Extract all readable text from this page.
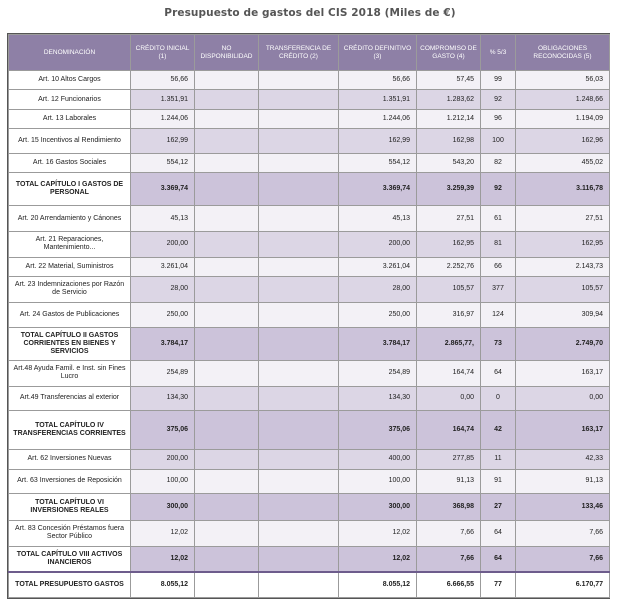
Presupuesto de gastos del CIS 2018 (Miles de €)
DENOMINACIÓN	CRÉDITO INICIAL (1)	NO DISPONIBILIDAD	TRANSFERENCIA DE CRÉDITO (2)	CRÉDITO DEFINITIVO (3)	COMPROMISO DE GASTO (4)	% 5/3	OBLIGACIONES RECONOCIDAS (5)
Art. 10 Altos Cargos	56,66			56,66	57,45	99	56,03
Art. 12 Funcionarios	1.351,91			1.351,91	1.283,62	92	1.248,66
Art. 13 Laborales	1.244,06			1.244,06	1.212,14	96	1.194,09
Art. 15 Incentivos al Rendimiento	162,99			162,99	162,98	100	162,96
Art. 16 Gastos Sociales	554,12			554,12	543,20	82	455,02
TOTAL CAPÍTULO I GASTOS DE PERSONAL	3.369,74			3.369,74	3.259,39	92	3.116,78
Art. 20 Arrendamiento y Cánones	45,13			45,13	27,51	61	27,51
Art. 21 Reparaciones, Mantenimiento...	200,00			200,00	162,95	81	162,95
Art. 22 Material, Suministros	3.261,04			3.261,04	2.252,76	66	2.143,73
Art. 23 Indemnizaciones por Razón de Servicio	28,00			28,00	105,57	377	105,57
Art. 24 Gastos de Publicaciones	250,00			250,00	316,97	124	309,94
TOTAL CAPÍTULO II GASTOS CORRIENTES EN BIENES Y SERVICIOS	3.784,17			3.784,17	2.865,77,	73	2.749,70
Art.48 Ayuda Famil. e Inst. sin Fines Lucro	254,89			254,89	164,74	64	163,17
Art.49 Transferencias al exterior	134,30			134,30	0,00	0	0,00
TOTAL CAPÍTULO IV TRANSFERENCIAS CORRIENTES	375,06			375,06	164,74	42	163,17
Art. 62 Inversiones Nuevas	200,00			400,00	277,85	11	42,33
Art. 63 Inversiones de Reposición	100,00			100,00	91,13	91	91,13
TOTAL CAPÍTULO VI INVERSIONES REALES	300,00			300,00	368,98	27	133,46
Art. 83 Concesión Préstamos fuera Sector Público	12,02			12,02	7,66	64	7,66
TOTAL CAPÍTULO VIII ACTIVOS INANCIEROS	12,02			12,02	7,66	64	7,66
TOTAL PRESUPUESTO GASTOS	8.055,12			8.055,12	6.666,55	77	6.170,77
